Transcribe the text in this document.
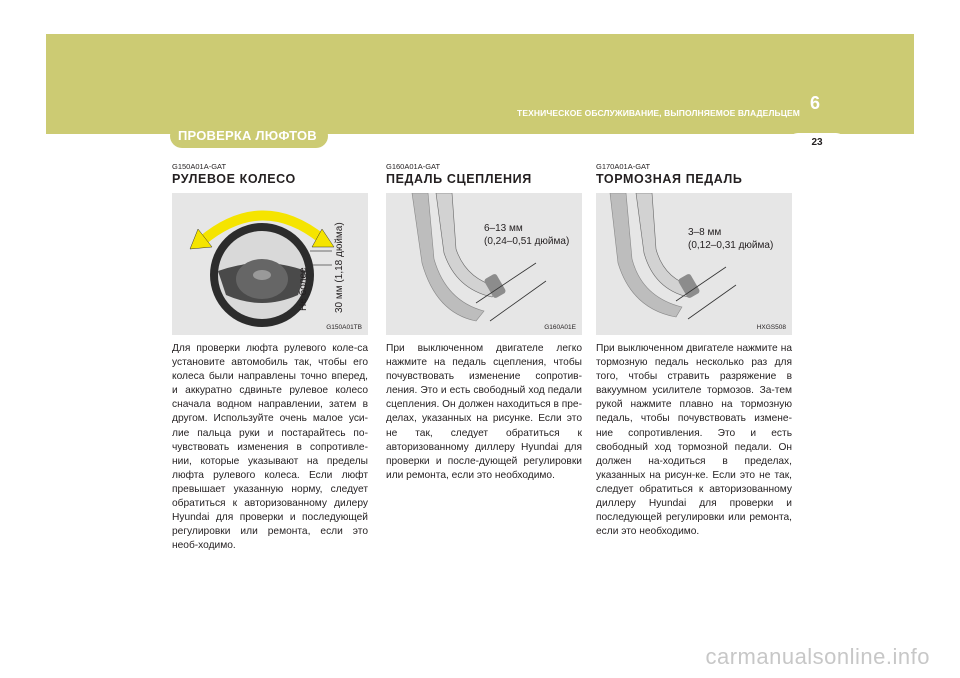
ТЕХНИЧЕСКОЕ ОБСЛУЖИВАНИЕ, ВЫПОЛНЯЕМОЕ ВЛАДЕЛЬЦЕМ 6
23
ПРОВЕРКА ЛЮФТОВ
G150A01A-GAT
РУЛЕВОЕ КОЛЕСО
Не более	30 мм (1,18 дюйма)
G150A01TB
Для проверки люфта рулевого коле-са установите автомобиль так, чтобы его колеса были направлены точно вперед, и аккуратно сдвиньте рулевое колесо сначала водном направлении, затем в другом. Используйте очень малое уси-лие пальца руки и постарайтесь по-чувствовать изменения в сопротивле-нии, которые указывают на пределы люфта рулевого колеса. Если люфт превышает указанную норму, следует обратиться к авторизованному дилеру Hyundai для проверки и последующей регулировки или ремонта, если это необ-ходимо.
G160A01A-GAT
ПЕДАЛЬ СЦЕПЛЕНИЯ
6–13 мм
(0,24–0,51 дюйма)
G160A01E
При выключенном двигателе легко нажмите на педаль сцепления, чтобы почувствовать изменение сопротив-ления. Это и есть свободный ход педали сцепления. Он должен находиться в пре-делах, указанных на рисунке. Если это не так, следует обратиться к авторизованному диллеру Hyundai для проверки и после-дующей регулировки или ремонта, если это необходимо.
G170A01A-GAT
ТОРМОЗНАЯ ПЕДАЛЬ
3–8 мм
(0,12–0,31 дюйма)
HXGS508
При выключенном двигателе нажмите на тормозную педаль несколько раз для того, чтобы стравить разряжение в вакуумном усилителе тормозов. За-тем рукой нажмите плавно на тормозную педаль, чтобы почувствовать измене-ние сопротивления. Это и есть свободный ход тормозной педали. Он должен на-ходиться в пределах, указанных на рисун-ке. Если это не так, следует обратиться к авторизованному диллеру Hyundai для проверки и последующей регулировки или ремонта, если это необходимо.
carmanualsonline.info
